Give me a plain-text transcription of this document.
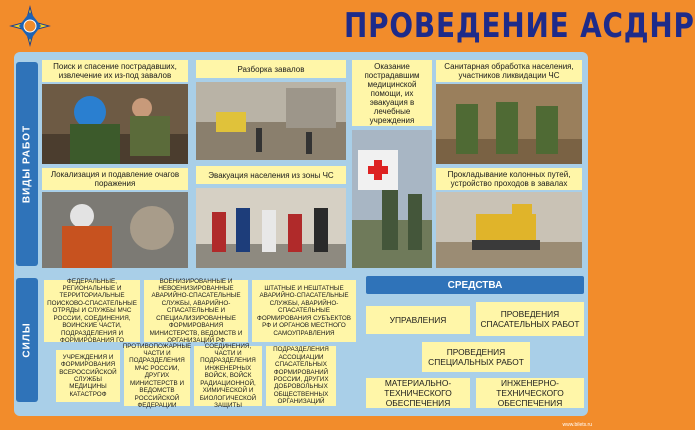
ПРОВЕДЕНИЕ АСДНР
ВИДЫ РАБОТ
СИЛЫ
Поиск и спасение пострадавших, извлечение их из-под завалов
Разборка завалов	Оказание пострадавшим медицинской помощи, их эвакуация в лечебные учреждения
Санитарная обработка населения, участников ликвидации ЧС
Локализация и подавление очагов поражения
Эвакуация населения из зоны ЧС	Прокладывание колонных путей, устройство проходов в завалах
ФЕДЕРАЛЬНЫЕ, РЕГИОНАЛЬНЫЕ И ТЕРРИТОРИАЛЬНЫЕ ПОИСКОВО-СПАСАТЕЛЬНЫЕ ОТРЯДЫ И СЛУЖБЫ МЧС РОССИИ, СОЕДИНЕНИЯ, ВОИНСКИЕ ЧАСТИ, ПОДРАЗДЕЛЕНИЯ И ФОРМИРОВАНИЯ ГО
ВОЕНИЗИРОВАННЫЕ И НЕВОЕНИЗИРОВАННЫЕ АВАРИЙНО-СПАСАТЕЛЬНЫЕ СЛУЖБЫ, АВАРИЙНО-СПАСАТЕЛЬНЫЕ И СПЕЦИАЛИЗИРОВАННЫЕ ФОРМИРОВАНИЯ МИНИСТЕРСТВ, ВЕДОМСТВ И ОРГАНИЗАЦИЙ РФ
ШТАТНЫЕ И НЕШТАТНЫЕ АВАРИЙНО-СПАСАТЕЛЬНЫЕ СЛУЖБЫ, АВАРИЙНО-СПАСАТЕЛЬНЫЕ ФОРМИРОВАНИЯ СУБЪЕКТОВ РФ И ОРГАНОВ МЕСТНОГО САМОУПРАВЛЕНИЯ
УЧРЕЖДЕНИЯ И ФОРМИРОВАНИЯ ВСЕРОССИЙСКОЙ СЛУЖБЫ МЕДИЦИНЫ КАТАСТРОФ
ПРОТИВОПОЖАРНЫЕ ЧАСТИ И ПОДРАЗДЕЛЕНИЯ МЧС РОССИИ, ДРУГИХ МИНИСТЕРСТВ И ВЕДОМСТВ РОССИЙСКОЙ ФЕДЕРАЦИИ
СОЕДИНЕНИЯ, ЧАСТИ И ПОДРАЗДЕЛЕНИЯ ИНЖЕНЕРНЫХ ВОЙСК, ВОЙСК РАДИАЦИОННОЙ, ХИМИЧЕСКОЙ И БИОЛОГИЧЕСКОЙ ЗАЩИТЫ
ПОДРАЗДЕЛЕНИЯ АССОЦИАЦИИ СПАСАТЕЛЬНЫХ ФОРМИРОВАНИЙ РОССИИ, ДРУГИХ ДОБРОВОЛЬНЫХ ОБЩЕСТВЕННЫХ ОРГАНИЗАЦИЙ
СРЕДСТВА
УПРАВЛЕНИЯ
ПРОВЕДЕНИЯ СПАСАТЕЛЬНЫХ РАБОТ
ПРОВЕДЕНИЯ СПЕЦИАЛЬНЫХ РАБОТ
МАТЕРИАЛЬНО-ТЕХНИЧЕСКОГО ОБЕСПЕЧЕНИЯ
ИНЖЕНЕРНО-ТЕХНИЧЕСКОГО ОБЕСПЕЧЕНИЯ
www.bilets.ru
